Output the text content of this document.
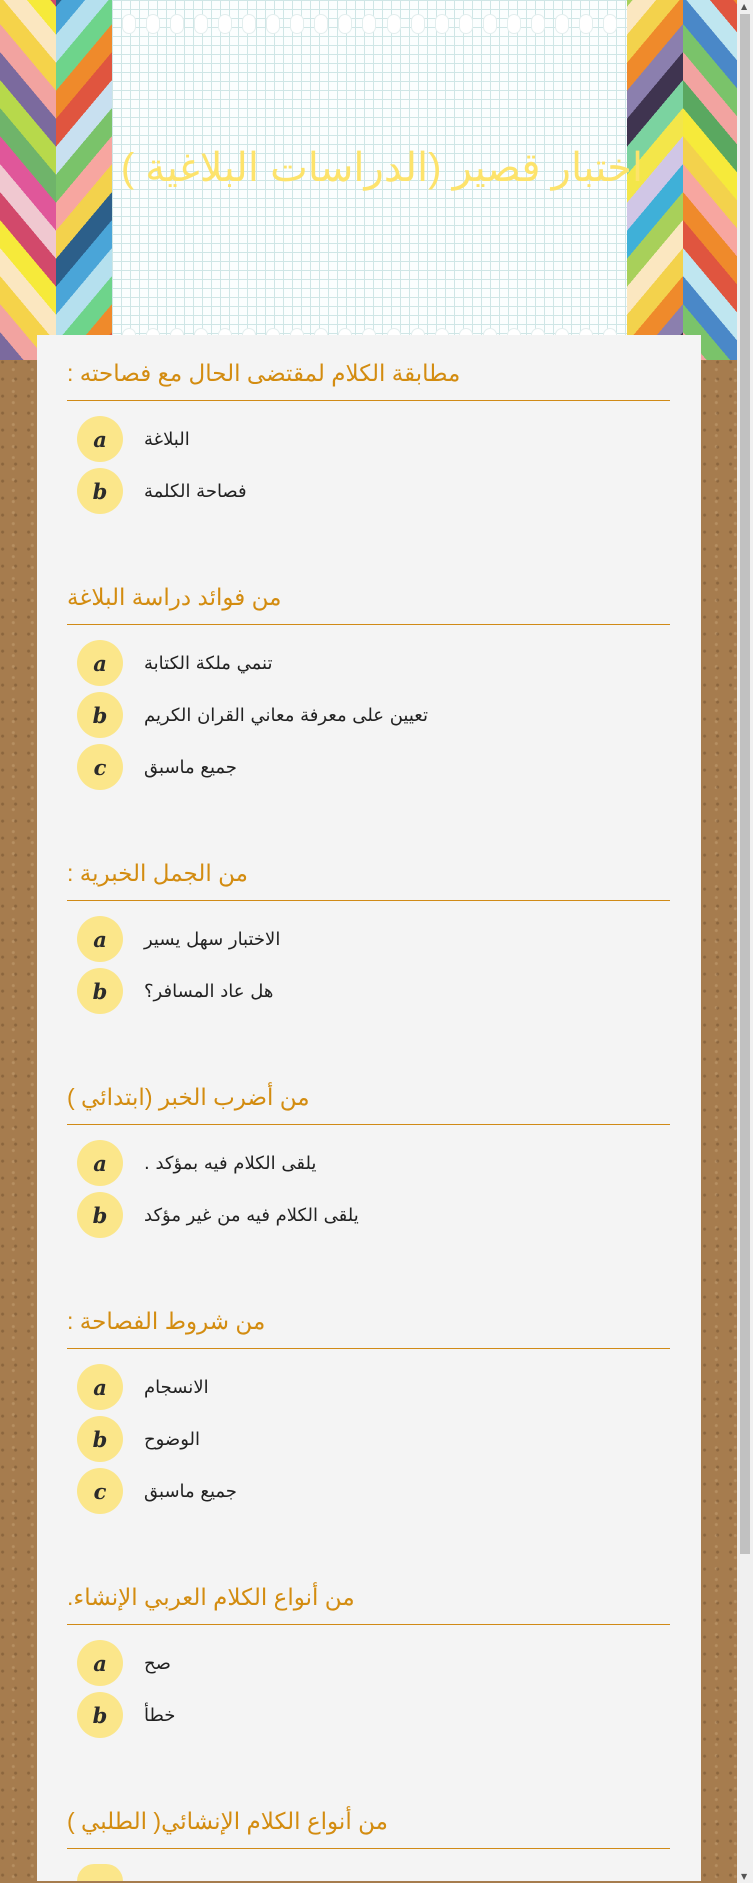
اختبار قصير (الدراسات البلاغية )
مطابقة الكلام لمقتضى الحال مع فصاحته :
a	البلاغة
b	فصاحة الكلمة
من فوائد دراسة البلاغة
a	تنمي ملكة الكتابة
b	تعيين على معرفة معاني القران الكريم
c	جميع ماسبق
من الجمل الخبرية :
a	الاختبار سهل يسير
b	هل عاد المسافر؟
من أضرب الخبر (ابتدائي )
a	يلقى الكلام فيه بمؤكد .
b	يلقى الكلام فيه من غير مؤكد
من شروط الفصاحة :
a	الانسجام
b	الوضوح
c	جميع ماسبق
من أنواع الكلام العربي الإنشاء.
a	صح
b	خطأ
من أنواع الكلام الإنشائي( الطلبي )
▲
▼
